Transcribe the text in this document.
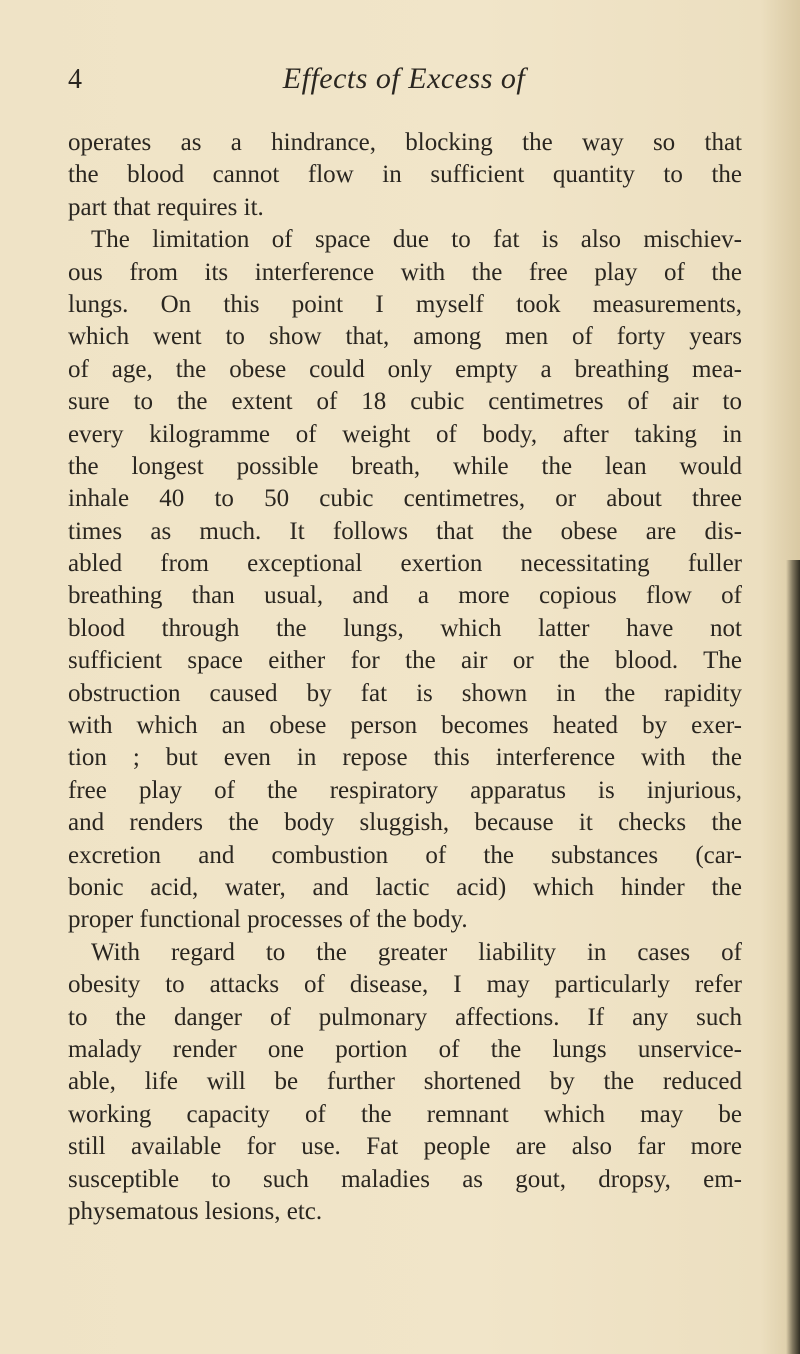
4	Effects of Excess of
operates as a hindrance, blocking the way so that
the blood cannot flow in sufficient quantity to the
part that requires it.
The limitation of space due to fat is also mischiev-
ous from its interference with the free play of the
lungs. On this point I myself took measurements,
which went to show that, among men of forty years
of age, the obese could only empty a breathing mea-
sure to the extent of 18 cubic centimetres of air to
every kilogramme of weight of body, after taking in
the longest possible breath, while the lean would
inhale 40 to 50 cubic centimetres, or about three
times as much. It follows that the obese are dis-
abled from exceptional exertion necessitating fuller
breathing than usual, and a more copious flow of
blood through the lungs, which latter have not
sufficient space either for the air or the blood. The
obstruction caused by fat is shown in the rapidity
with which an obese person becomes heated by exer-
tion ; but even in repose this interference with the
free play of the respiratory apparatus is injurious,
and renders the body sluggish, because it checks the
excretion and combustion of the substances (car-
bonic acid, water, and lactic acid) which hinder the
proper functional processes of the body.
With regard to the greater liability in cases of
obesity to attacks of disease, I may particularly refer
to the danger of pulmonary affections. If any such
malady render one portion of the lungs unservice-
able, life will be further shortened by the reduced
working capacity of the remnant which may be
still available for use. Fat people are also far more
susceptible to such maladies as gout, dropsy, em-
physematous lesions, etc.
